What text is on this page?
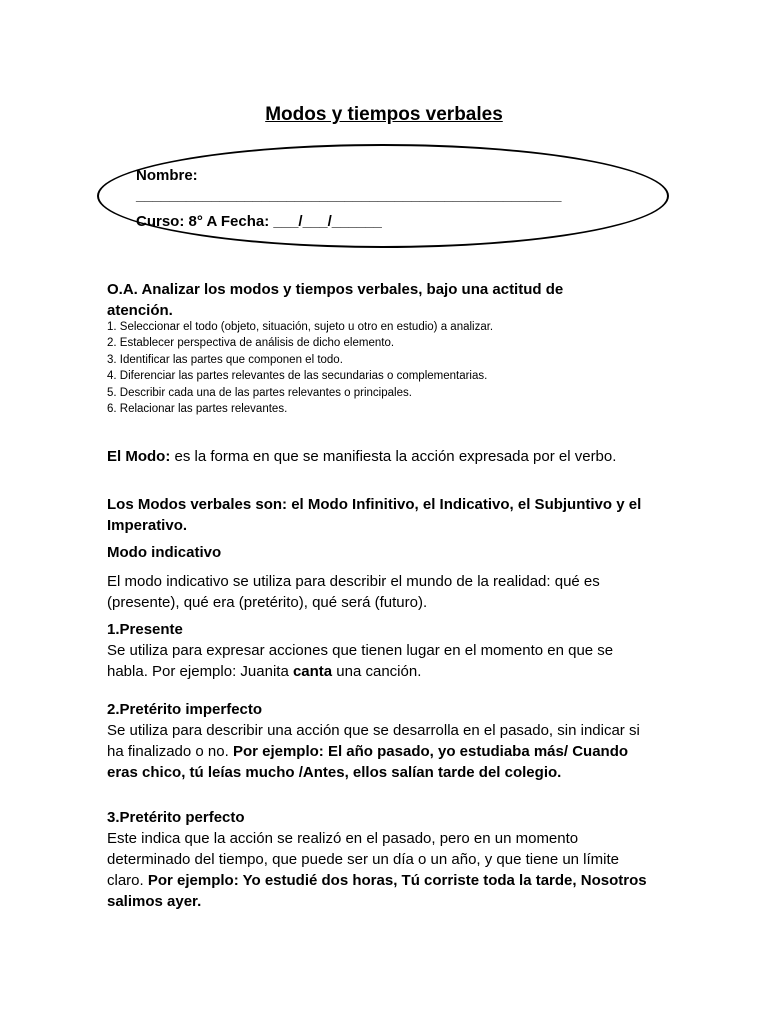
Modos y tiempos verbales
Nombre:
___________________________________________________
Curso: 8° A Fecha: ___/___/______
O.A. Analizar los modos y tiempos verbales, bajo una actitud de atención.
1. Seleccionar el todo (objeto, situación, sujeto u otro en estudio) a analizar.
2. Establecer perspectiva de análisis de dicho elemento.
3. Identificar las partes que componen el todo.
4. Diferenciar las partes relevantes de las secundarias o complementarias.
5. Describir cada una de las partes relevantes o principales.
6. Relacionar las partes relevantes.
El Modo: es la forma en que se manifiesta la acción expresada por el verbo.
Los Modos verbales son: el Modo Infinitivo, el Indicativo, el Subjuntivo y el Imperativo.
Modo indicativo
El modo indicativo se utiliza para describir el mundo de la realidad: qué es (presente), qué era (pretérito), qué será (futuro).
1.Presente
Se utiliza para expresar acciones que tienen lugar en el momento en que se habla. Por ejemplo: Juanita canta una canción.
2.Pretérito imperfecto
Se utiliza para describir una acción que se desarrolla en el pasado, sin indicar si ha finalizado o no. Por ejemplo: El año pasado, yo estudiaba más/ Cuando eras chico, tú leías mucho /Antes, ellos salían tarde del colegio.
3.Pretérito perfecto
Este indica que la acción se realizó en el pasado, pero en un momento determinado del tiempo, que puede ser un día o un año, y que tiene un límite claro. Por ejemplo: Yo estudié dos horas, Tú corriste toda la tarde, Nosotros salimos ayer.
